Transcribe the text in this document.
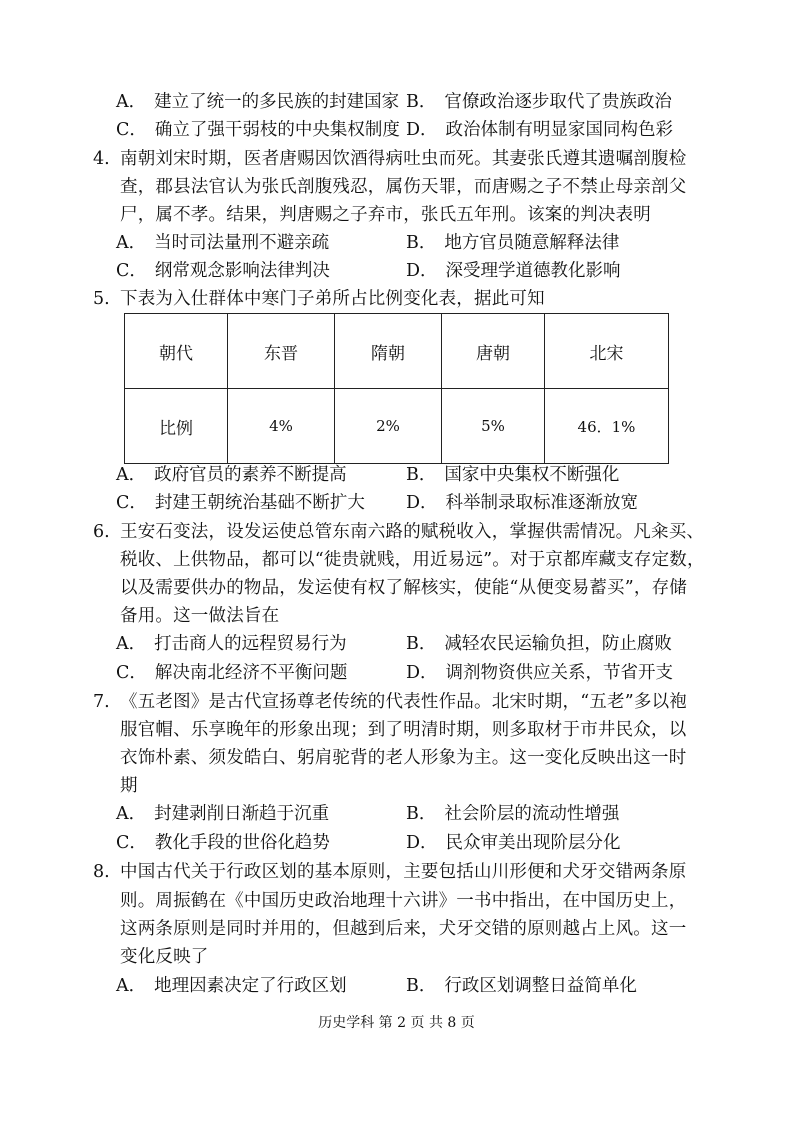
A． 建立了统一的多民族的封建国家 B． 官僚政治逐步取代了贵族政治
C． 确立了强干弱枝的中央集权制度 D． 政治体制有明显家国同构色彩
4. 南朝刘宋时期，医者唐赐因饮酒得病吐虫而死。其妻张氏遵其遗嘱剖腹检
查，郡县法官认为张氏剖腹残忍，属伤天罪，而唐赐之子不禁止母亲剖父
尸，属不孝。结果，判唐赐之子弃市，张氏五年刑。该案的判决表明
A． 当时司法量刑不避亲疏	B． 地方官员随意解释法律
C． 纲常观念影响法律判决	D． 深受理学道德教化影响
5. 下表为入仕群体中寒门子弟所占比例变化表，据此可知
朝代	东晋	隋朝	唐朝	北宋
比例	4%	2%	5%	46．1%
A． 政府官员的素养不断提高	B． 国家中央集权不断强化
C． 封建王朝统治基础不断扩大 D． 科举制录取标准逐渐放宽
6. 王安石变法，设发运使总管东南六路的赋税收入，掌握供需情况。凡籴买、
税收、上供物品，都可以“徙贵就贱，用近易远”。对于京都库藏支存定数，
以及需要供办的物品，发运使有权了解核实，使能“从便变易蓄买”，存储
备用。这一做法旨在
A． 打击商人的远程贸易行为	B． 减轻农民运输负担，防止腐败
C． 解决南北经济不平衡问题	D． 调剂物资供应关系，节省开支
7. 《五老图》是古代宣扬尊老传统的代表性作品。北宋时期，“五老”多以袍
服官帽、乐享晚年的形象出现；到了明清时期，则多取材于市井民众，以
衣饰朴素、须发皓白、躬肩驼背的老人形象为主。这一变化反映出这一时
期
A． 封建剥削日渐趋于沉重	B． 社会阶层的流动性增强
C． 教化手段的世俗化趋势	D． 民众审美出现阶层分化
8. 中国古代关于行政区划的基本原则，主要包括山川形便和犬牙交错两条原
则。周振鹤在《中国历史政治地理十六讲》一书中指出，在中国历史上，
这两条原则是同时并用的，但越到后来，犬牙交错的原则越占上风。这一
变化反映了
A． 地理因素决定了行政区划	B． 行政区划调整日益简单化
历史学科 第 2 页 共 8 页
